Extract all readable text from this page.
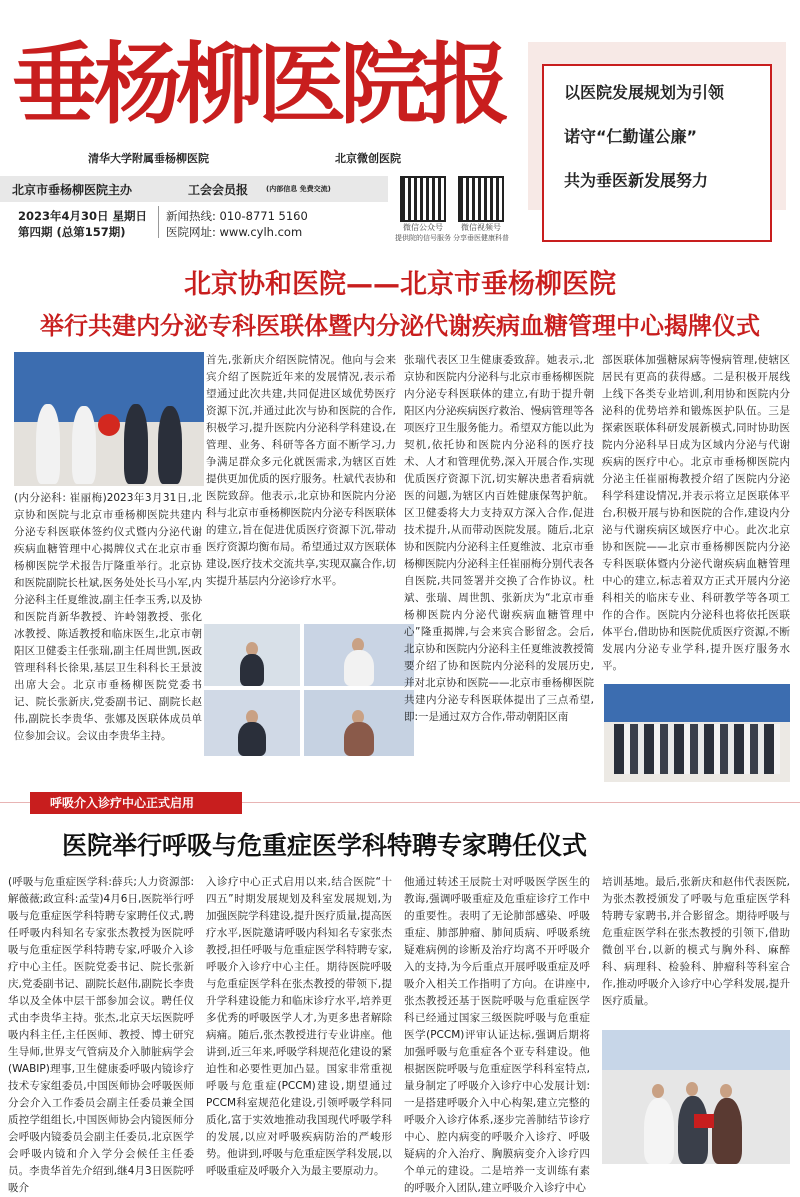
垂杨柳医院报
清华大学附属垂杨柳医院	北京微创医院
北京市垂杨柳医院主办	工会会员报	(内部信息 免费交流)
2023年4月30日 星期日
第四期 (总第157期)
新闻热线: 010-8771 5160
医院网址: www.cylh.com	微信公众号
提供院的信号服务
微信视频号
分享垂医健康科普
以医院发展规划为引领
诺守“仁勤谨公廉”
共为垂医新发展努力
北京协和医院——北京市垂杨柳医院
举行共建内分泌专科医联体暨内分泌代谢疾病血糖管理中心揭牌仪式
(内分泌科: 崔丽梅)2023年3月31日,北京协和医院与北京市垂杨柳医院共建内分泌专科医联体签约仪式暨内分泌代谢疾病血糖管理中心揭牌仪式在北京市垂杨柳医院学术报告厅隆重举行。北京协和医院副院长杜斌,医务处处长马小军,内分泌科主任夏维波,副主任李玉秀,以及协和医院肖新华教授、许岭翎教授、张化冰教授、陈适教授和临床医生,北京市朝阳区卫健委主任张瑞,副主任周世凯,医政管理科科长徐果,基层卫生科科长王景波出席大会。北京市垂杨柳医院党委书记、院长张新庆,党委副书记、副院长赵伟,副院长李贵华、张娜及医联体成员单位参加会议。会议由李贵华主持。
首先,张新庆介绍医院情况。他向与会来宾介绍了医院近年来的发展情况,表示希望通过此次共建,共同促进区域优势医疗资源下沉,并通过此次与协和医院的合作,积极学习,提升医院内分泌科学科建设,在管理、业务、科研等各方面不断学习,力争满足群众多元化就医需求,为辖区百姓提供更加优质的医疗服务。杜斌代表协和医院致辞。他表示,北京协和医院内分泌科与北京市垂杨柳医院内分泌专科医联体的建立,旨在促进优质医疗资源下沉,带动医疗资源均衡布局。希望通过双方医联体建设,医疗技术交流共享,实现双赢合作,切实提升基层内分泌诊疗水平。
张瑞代表区卫生健康委致辞。她表示,北京协和医院内分泌科与北京市垂杨柳医院内分泌专科医联体的建立,有助于提升朝阳区内分泌疾病医疗救治、慢病管理等各项医疗卫生服务能力。希望双方能以此为契机,依托协和医院内分泌科的医疗技术、人才和管理优势,深入开展合作,实现优质医疗资源下沉,切实解决患者看病就医的问题,为辖区内百姓健康保驾护航。区卫健委将大力支持双方深入合作,促进技术提升,从而带动医院发展。随后,北京协和医院内分泌科主任夏维波、北京市垂杨柳医院内分泌科主任崔丽梅分别代表各自医院,共同签署并交换了合作协议。杜斌、张瑞、周世凯、张新庆为“北京市垂杨柳医院内分泌代谢疾病血糖管理中心”隆重揭牌,与会来宾合影留念。会后,北京协和医院内分泌科主任夏维波教授简要介绍了协和医院内分泌科的发展历史,并对北京协和医院——北京市垂杨柳医院共建内分泌专科医联体提出了三点希望,即:一是通过双方合作,带动朝阳区南
部医联体加强糖尿病等慢病管理,使辖区居民有更高的获得感。二是积极开展线上线下各类专业培训,利用协和医院内分泌科的优势培养和锻炼医护队伍。三是探索医联体科研发展新模式,同时协助医院内分泌科早日成为区域内分泌与代谢疾病的医疗中心。北京市垂杨柳医院内分泌主任崔丽梅教授介绍了医院内分泌科学科建设情况,并表示将立足医联体平台,积极开展与协和医院的合作,建设内分泌与代谢疾病区域医疗中心。此次北京协和医院——北京市垂杨柳医院内分泌专科医联体暨内分泌代谢疾病血糖管理中心的建立,标志着双方正式开展内分泌科相关的临床专业、科研教学等各项工作的合作。医院内分泌科也将依托医联体平台,借助协和医院优质医疗资源,不断发展内分泌专业学科,提升医疗服务水平。
呼吸介入诊疗中心正式启用
医院举行呼吸与危重症医学科特聘专家聘任仪式
(呼吸与危重症医学科:薛兵;人力资源部:解薇薇;政宣科:孟莹)4月6日,医院举行呼吸与危重症医学科特聘专家聘任仪式,聘任呼吸内科知名专家张杰教授为医院呼吸与危重症医学科特聘专家,呼吸介入诊疗中心主任。医院党委书记、院长张新庆,党委副书记、副院长赵伟,副院长李贵华以及全体中层干部参加会议。聘任仪式由李贵华主持。张杰,北京天坛医院呼吸内科主任,主任医师、教授、博士研究生导师,世界支气管病及介入肺脏病学会(WABIP)理事,卫生健康委呼吸内镜诊疗技术专家组委员,中国医师协会呼吸医师分会介入工作委员会副主任委员兼全国质控学组组长,中国医师协会内镜医师分会呼吸内镜委员会副主任委员,北京医学会呼吸内镜和介入学分会候任主任委员。李贵华首先介绍到,继4月3日医院呼吸介
入诊疗中心正式启用以来,结合医院“十四五”时期发展规划及科室发展规划,为加强医院学科建设,提升医疗质量,提高医疗水平,医院邀请呼吸内科知名专家张杰教授,担任呼吸与危重症医学科特聘专家,呼吸介入诊疗中心主任。期待医院呼吸与危重症医学科在张杰教授的带领下,提升学科建设能力和临床诊疗水平,培养更多优秀的呼吸医学人才,为更多患者解除病痛。随后,张杰教授进行专业讲座。他讲到,近三年来,呼吸学科规范化建设的紧迫性和必要性更加凸显。国家非常重视呼吸与危重症(PCCM)建设,期望通过PCCM科室规范化建设,引领呼吸学科同质化,富于实效地推动我国现代呼吸学科的发展,以应对呼吸疾病防治的严峻形势。他讲到,呼吸与危重症医学科发展,以呼吸重症及呼吸介入为最主要原动力。
他通过转述王辰院士对呼吸医学医生的教诲,强调呼吸重症及危重症诊疗工作中的重要性。表明了无论肺部感染、呼吸重症、肺部肿瘤、肺间质病、呼吸系统疑难病例的诊断及治疗均离不开呼吸介入的支持,为今后重点开展呼吸重症及呼吸介入相关工作指明了方向。在讲座中,张杰教授还基于医院呼吸与危重症医学科已经通过国家三级医院呼吸与危重症医学(PCCM)评审认证达标,强调后期将加强呼吸与危重症各个亚专科建设。他根据医院呼吸与危重症医学科科室特点,量身制定了呼吸介入诊疗中心发展计划:一是搭建呼吸介入中心构架,建立完整的呼吸介入诊疗体系,逐步完善肺结节诊疗中心、腔内病变的呼吸介入诊疗、呼吸疑病的介入治疗、胸膜病变介入诊疗四个单元的建设。二是培养一支训练有素的呼吸介入团队,建立呼吸介入诊疗中心
培训基地。最后,张新庆和赵伟代表医院,为张杰教授颁发了呼吸与危重症医学科特聘专家聘书,并合影留念。期待呼吸与危重症医学科在张杰教授的引领下,借助微创平台,以新的模式与胸外科、麻醉科、病理科、检验科、肿瘤科等科室合作,推动呼吸介入诊疗中心学科发展,提升医疗质量。
